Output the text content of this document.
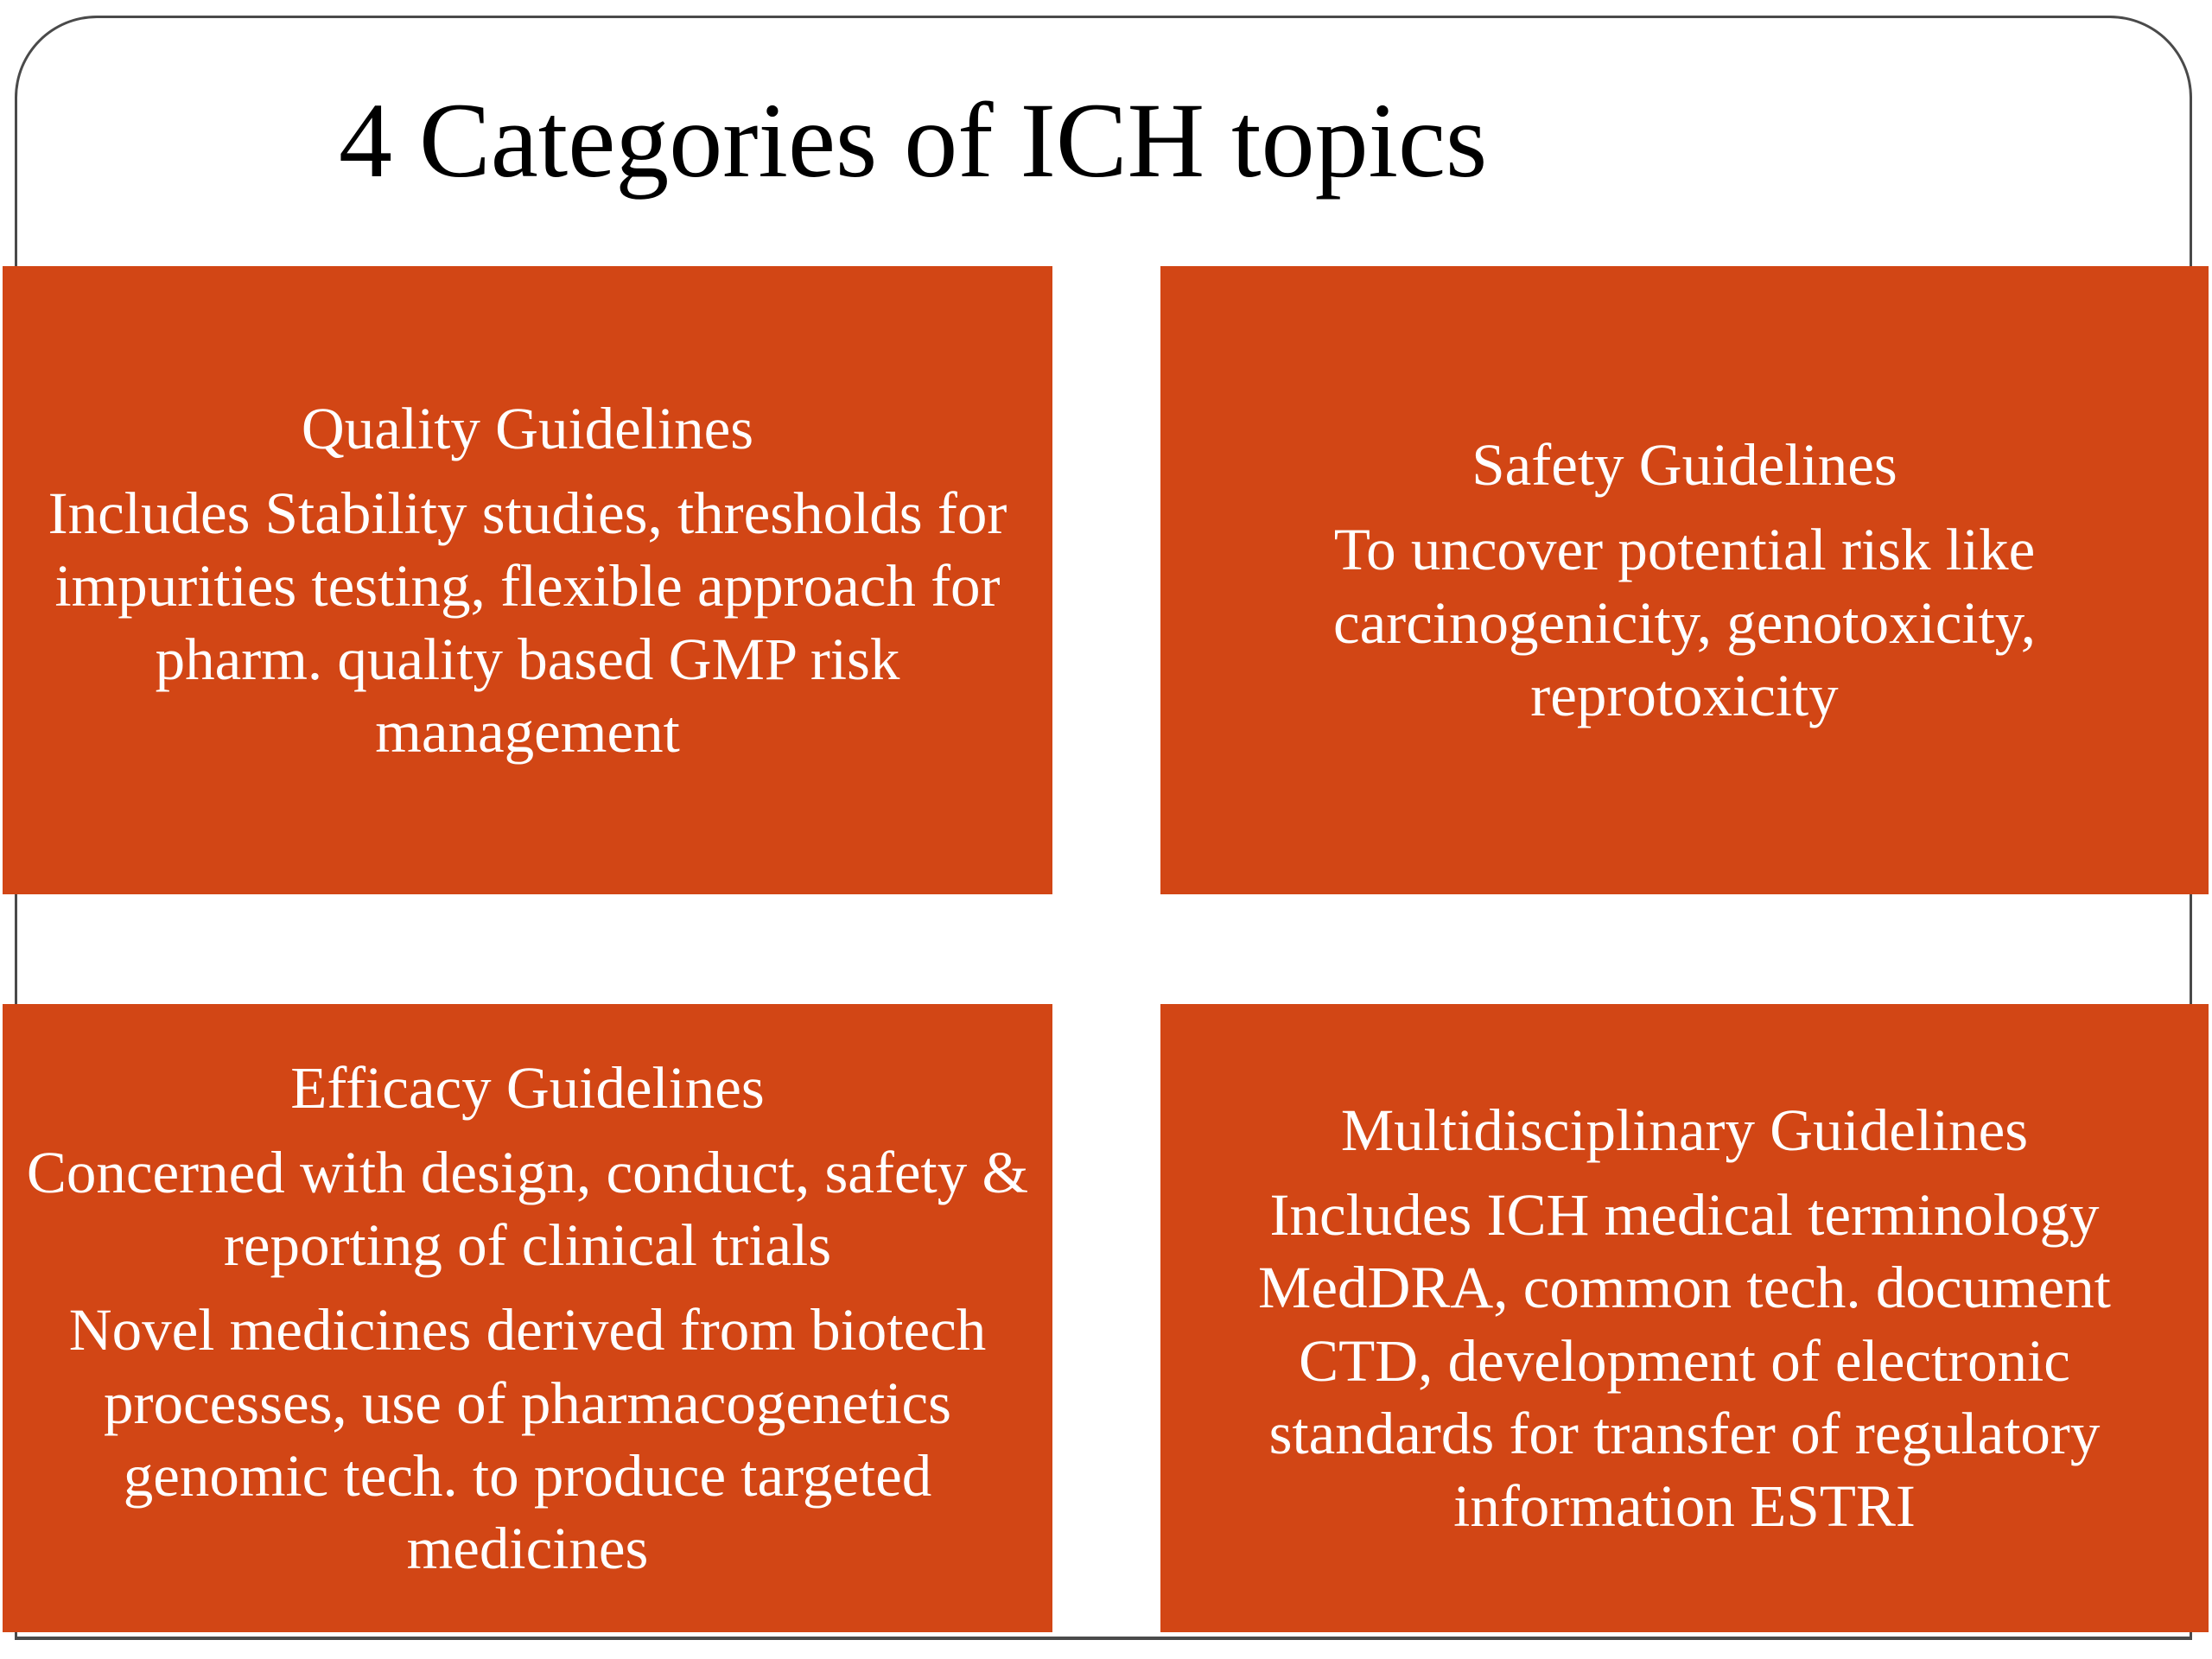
4 Categories of ICH topics

Quality Guidelines

Includes Stability studies, thresholds for impurities testing, flexible approach for pharm. quality based GMP risk management

Safety Guidelines

To uncover potential risk like carcinogenicity, genotoxicity, reprotoxicity

Efficacy Guidelines

Concerned with design, conduct, safety & reporting of clinical trials

Novel medicines derived from biotech processes, use of pharmacogenetics genomic tech. to produce targeted medicines

Multidisciplinary Guidelines

Includes ICH medical terminology MedDRA, common tech. document CTD, development of electronic standards for transfer of regulatory information ESTRI
